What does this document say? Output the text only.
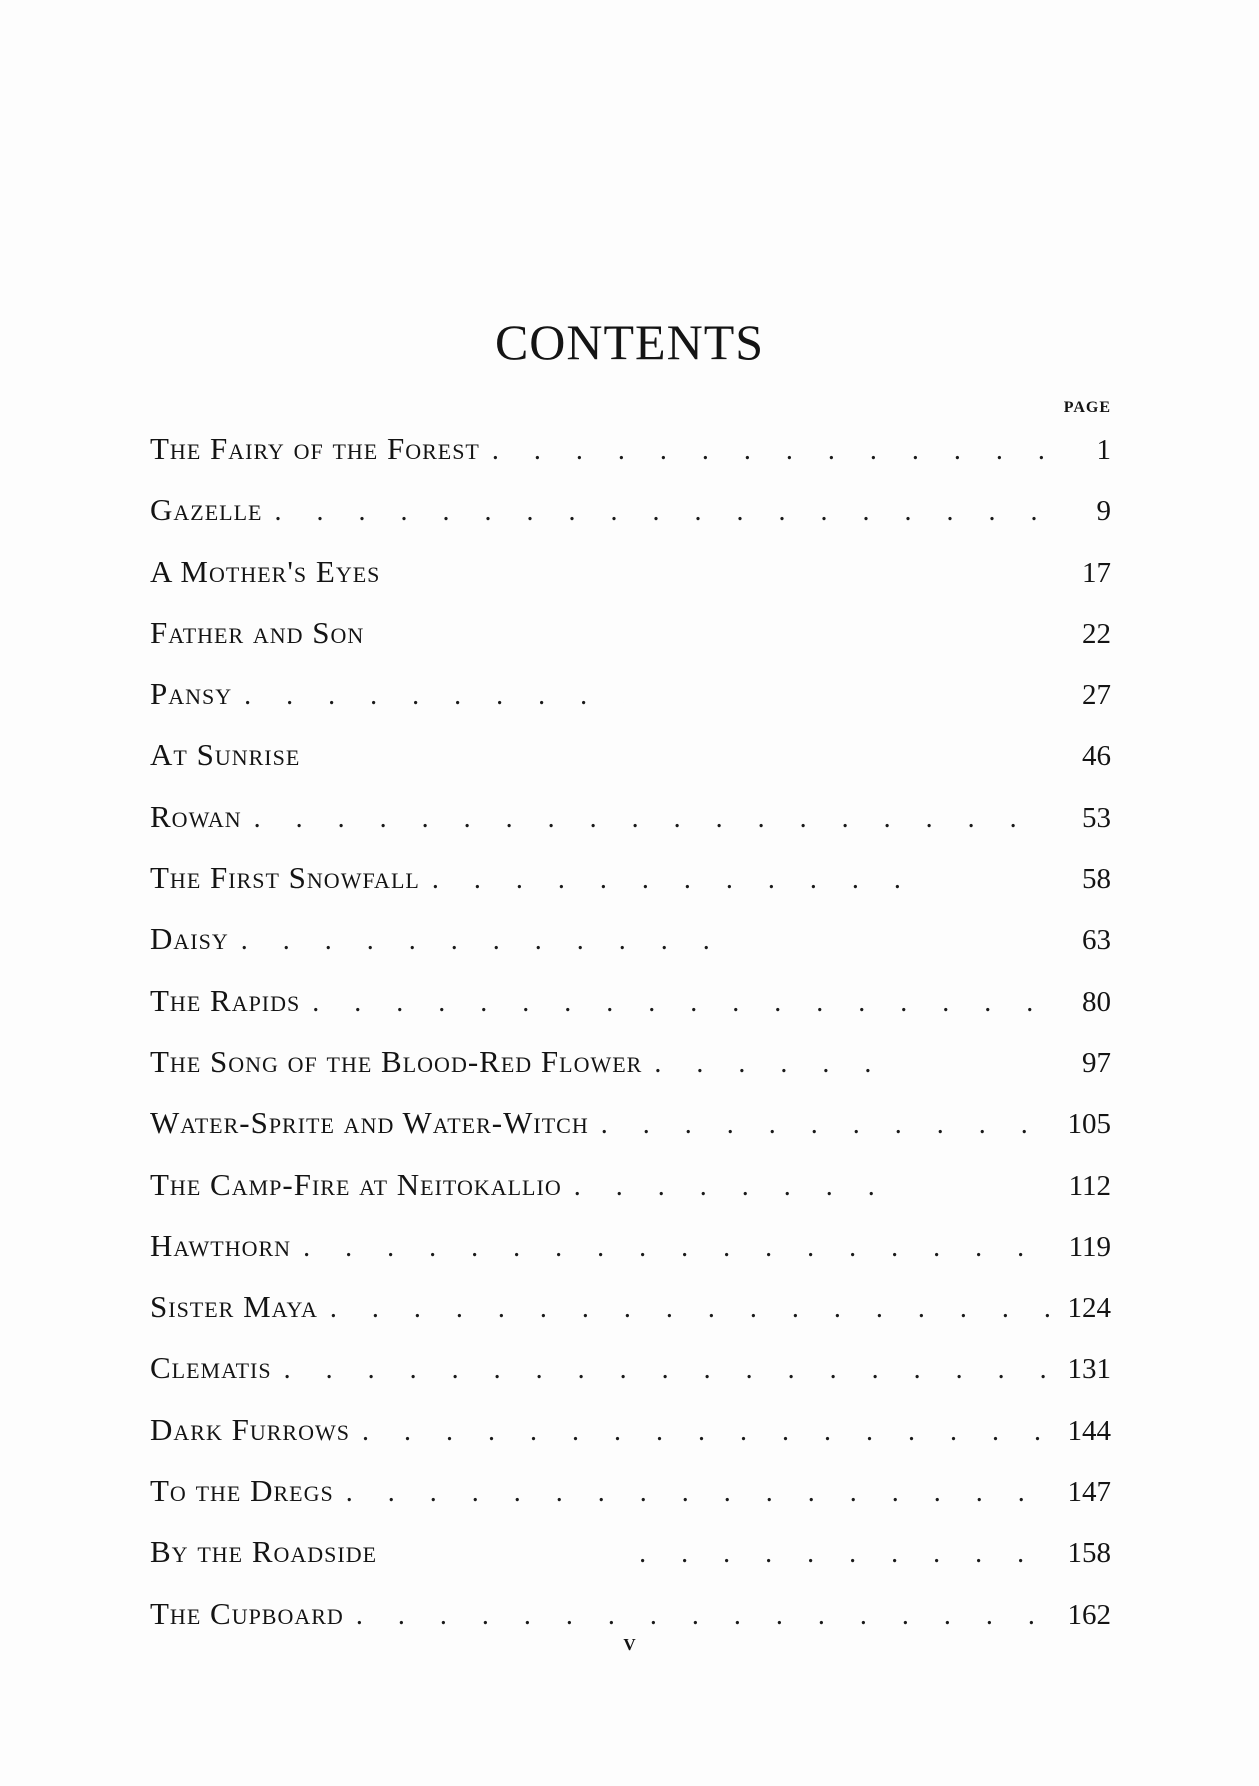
CONTENTS
PAGE
The Fairy of the Forest . . .	1
Gazelle . . .	9
A Mother's Eyes	17
Father and Son	22
Pansy . . .	27
At Sunrise	46
Rowan . . .	53
The First Snowfall . . .	58
Daisy . . .	63
The Rapids . . .	80
The Song of the Blood-Red Flower . . .	97
Water-Sprite and Water-Witch . . .	105
The Camp-Fire at Neitokallio . . .	112
Hawthorn . . .	119
Sister Maya . . .	124
Clematis . . .	131
Dark Furrows . . .	144
To the Dregs . . .	147
By the Roadside . . .	158
The Cupboard . . .	162
v
